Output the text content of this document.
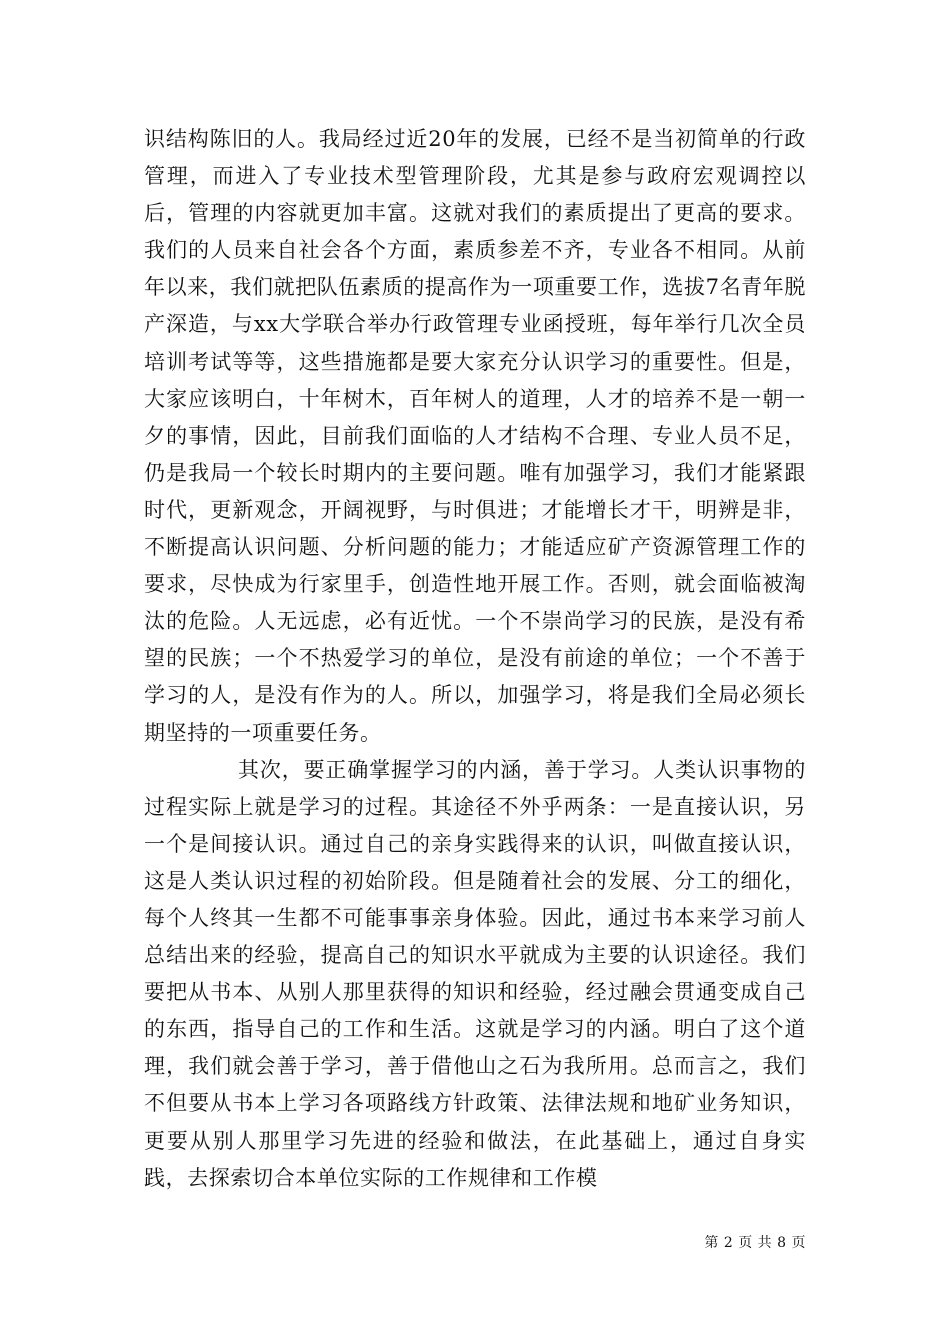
识结构陈旧的人。我局经过近20年的发展，已经不是当初简单的行政管理，而进入了专业技术型管理阶段，尤其是参与政府宏观调控以后，管理的内容就更加丰富。这就对我们的素质提出了更高的要求。我们的人员来自社会各个方面，素质参差不齐，专业各不相同。从前年以来，我们就把队伍素质的提高作为一项重要工作，选拔7名青年脱产深造，与xx大学联合举办行政管理专业函授班，每年举行几次全员培训考试等等，这些措施都是要大家充分认识学习的重要性。但是，大家应该明白，十年树木，百年树人的道理，人才的培养不是一朝一夕的事情，因此，目前我们面临的人才结构不合理、专业人员不足，仍是我局一个较长时期内的主要问题。唯有加强学习，我们才能紧跟时代，更新观念，开阔视野，与时俱进；才能增长才干，明辨是非，不断提高认识问题、分析问题的能力；才能适应矿产资源管理工作的要求，尽快成为行家里手，创造性地开展工作。否则，就会面临被淘汰的危险。人无远虑，必有近忧。一个不崇尚学习的民族，是没有希望的民族；一个不热爱学习的单位，是没有前途的单位；一个不善于学习的人，是没有作为的人。所以，加强学习，将是我们全局必须长期坚持的一项重要任务。

其次，要正确掌握学习的内涵，善于学习。人类认识事物的过程实际上就是学习的过程。其途径不外乎两条：一是直接认识，另一个是间接认识。通过自己的亲身实践得来的认识，叫做直接认识，这是人类认识过程的初始阶段。但是随着社会的发展、分工的细化，每个人终其一生都不可能事事亲身体验。因此，通过书本来学习前人总结出来的经验，提高自己的知识水平就成为主要的认识途径。我们要把从书本、从别人那里获得的知识和经验，经过融会贯通变成自己的东西，指导自己的工作和生活。这就是学习的内涵。明白了这个道理，我们就会善于学习，善于借他山之石为我所用。总而言之，我们不但要从书本上学习各项路线方针政策、法律法规和地矿业务知识，更要从别人那里学习先进的经验和做法，在此基础上，通过自身实践，去探索切合本单位实际的工作规律和工作模

第 2 页 共 8 页
